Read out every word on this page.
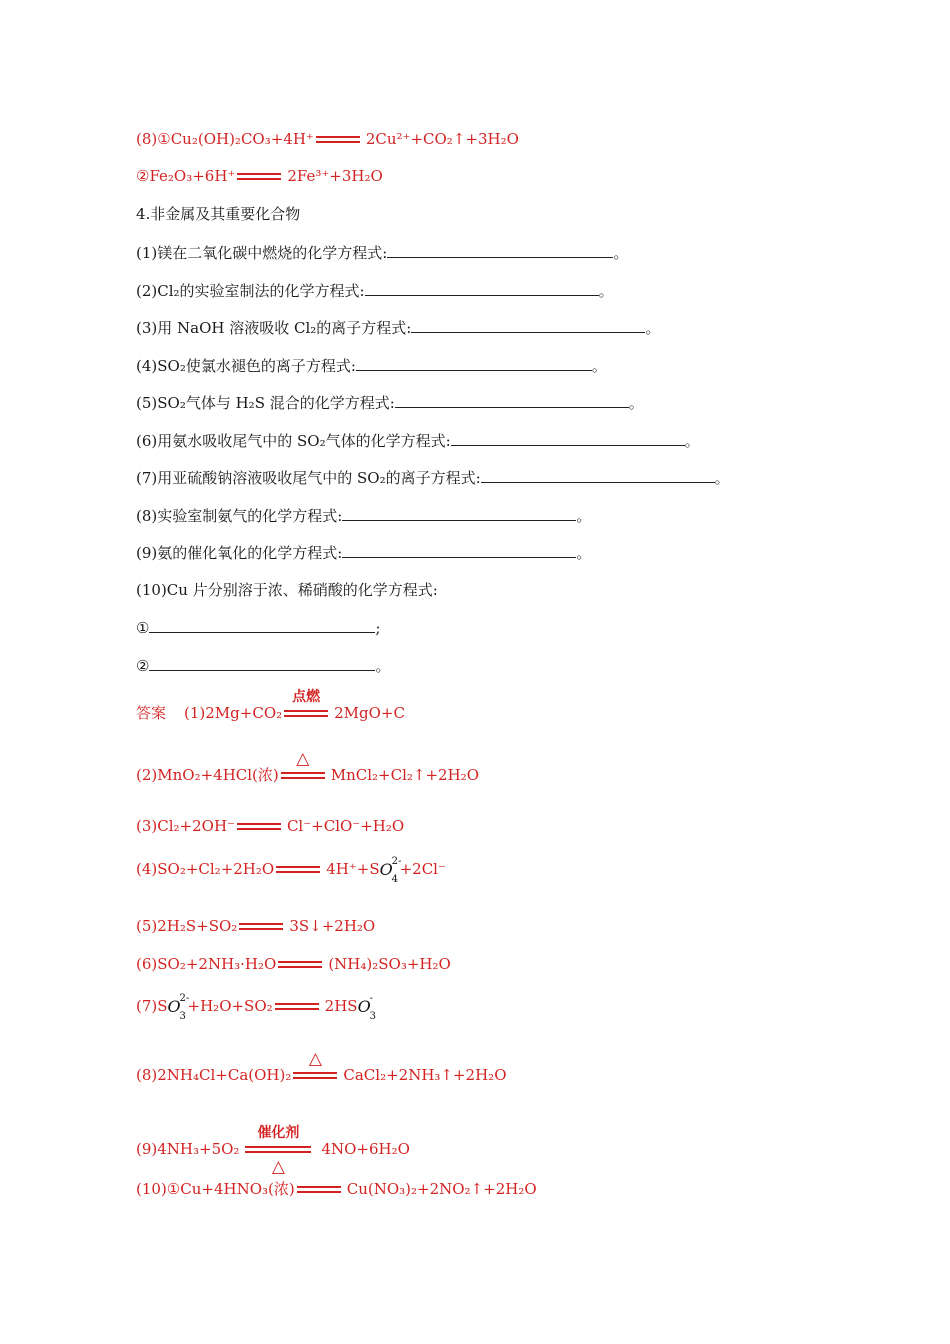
(8)①Cu₂(OH)₂CO₃+4H⁺	2Cu²⁺+CO₂↑+3H₂O
②Fe₂O₃+6H⁺	2Fe³⁺+3H₂O
4.非金属及其重要化合物
(1)镁在二氧化碳中燃烧的化学方程式:	。
(2)Cl₂的实验室制法的化学方程式:	。
(3)用 NaOH 溶液吸收 Cl₂的离子方程式:	。
(4)SO₂使氯水褪色的离子方程式:	。
(5)SO₂气体与 H₂S 混合的化学方程式:	。
(6)用氨水吸收尾气中的 SO₂气体的化学方程式:	。
(7)用亚硫酸钠溶液吸收尾气中的 SO₂的离子方程式:	。
(8)实验室制氨气的化学方程式:	。
(9)氨的催化氧化的化学方程式:	。
(10)Cu 片分别溶于浓、稀硝酸的化学方程式:
①	;
②	。
答案 (1)2Mg+CO₂
点燃
2MgO+C
(2)MnO₂+4HCl(浓)
△
MnCl₂+Cl₂↑+2H₂O
(3)Cl₂+2OH⁻	Cl⁻+ClO⁻+H₂O
(4)SO₂+Cl₂+2H₂O	4H⁺+S O
2-
4
+2Cl⁻
(5)2H₂S+SO₂	3S↓+2H₂O
(6)SO₂+2NH₃·H₂O	(NH₄)₂SO₃+H₂O
(7)S O
2-
3
+H₂O+SO₂	2HS O
-
3
(8)2NH₄Cl+Ca(OH)₂
△
CaCl₂+2NH₃↑+2H₂O
(9)4NH₃+5O₂
催化剂
△
4NO+6H₂O
(10)①Cu+4HNO₃(浓)	Cu(NO₃)₂+2NO₂↑+2H₂O
